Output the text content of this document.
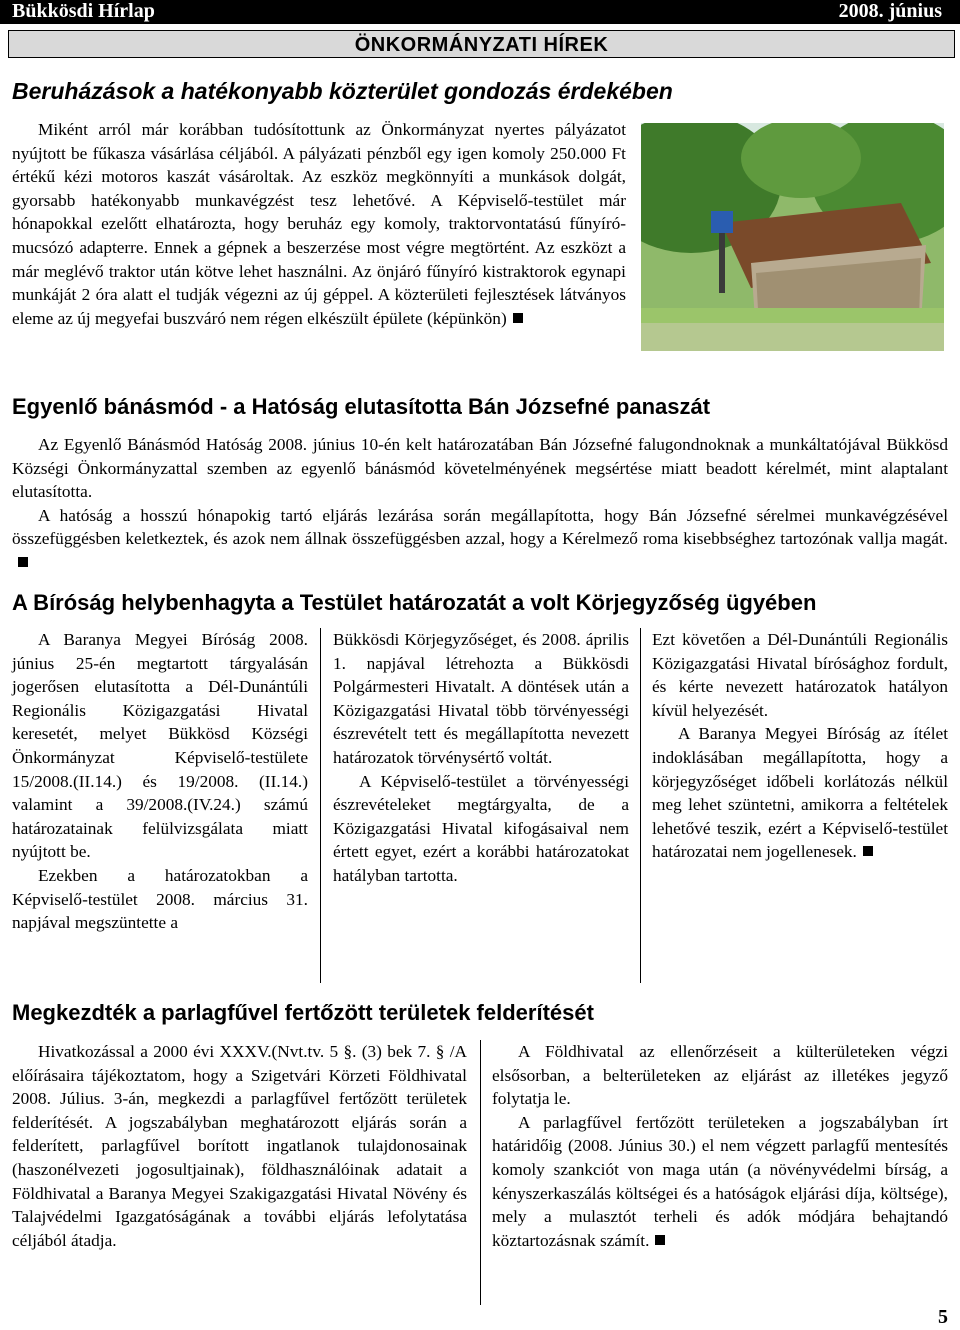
Bükkösdi Hírlap	2008. június
ÖNKORMÁNYZATI HÍREK
Beruházások a hatékonyabb közterület gondozás érdekében

Miként arról már korábban tudósítottunk az Önkormányzat nyertes pályázatot nyújtott be fűkasza vásárlása céljából. A pályázati pénzből egy igen komoly 250.000 Ft értékű kézi motoros kaszát vásároltak. Az eszköz megkönnyíti a munkások dolgát, gyorsabb hatékonyabb munkavégzést tesz lehetővé. A Képviselő-testület már hónapokkal ezelőtt elhatározta, hogy beruház egy komoly, traktorvontatású fűnyíró-mucsózó adapterre. Ennek a gépnek a beszerzése most végre megtörtént. Az eszközt a már meglévő traktor után kötve lehet használni. Az önjáró fűnyíró kistraktorok egynapi munkáját 2 óra alatt el tudják végezni az új géppel. A közterületi fejlesztések látványos eleme az új megyefai buszváró nem régen elkészült épülete (képünkön)

Egyenlő bánásmód - a Hatóság elutasította Bán Józsefné panaszát

Az Egyenlő Bánásmód Hatóság 2008. június 10-én kelt határozatában Bán Józsefné falugondnoknak a munkáltatójával Bükkösd Községi Önkormányzattal szemben az egyenlő bánásmód követelményének megsértése miatt beadott kérelmét, mint alaptalant elutasította.

A hatóság a hosszú hónapokig tartó eljárás lezárása során megállapította, hogy Bán Józsefné sérelmei munkavégzésével összefüggésben keletkeztek, és azok nem állnak összefüggésben azzal, hogy a Kérelmező roma kisebbséghez tartozónak vallja magát.

A Bíróság helybenhagyta a Testület határozatát a volt Körjegyzőség ügyében

A Baranya Megyei Bíróság 2008. június 25-én megtartott tárgyalásán jogerősen elutasította a Dél-Dunántúli Regionális Közigazgatási Hivatal keresetét, melyet Bükkösd Községi Önkormányzat Képviselő-testülete 15/2008.(II.14.) és 19/2008. (II.14.) valamint a 39/2008.(IV.24.) számú határozatainak felülvizsgálata miatt nyújtott be.

Ezekben a határozatokban a Képviselő-testület 2008. március 31. napjával megszüntette a

Bükkösdi Körjegyzőséget, és 2008. április 1. napjával létrehozta a Bükkösdi Polgármesteri Hivatalt. A döntések után a Közigazgatási Hivatal több törvényességi észrevételt tett és megállapította nevezett határozatok törvénysértő voltát.

A Képviselő-testület a törvényességi észrevételeket megtárgyalta, de a Közigazgatási Hivatal kifogásaival nem értett egyet, ezért a korábbi határozatokat hatályban tartotta.

Ezt követően a Dél-Dunántúli Regionális Közigazgatási Hivatal bírósághoz fordult, és kérte nevezett határozatok hatályon kívül helyezését.

A Baranya Megyei Bíróság az ítélet indoklásában megállapította, hogy a körjegyzőséget időbeli korlátozás nélkül meg lehet szüntetni, amikorra a feltételek lehetővé teszik, ezért a Képviselő-testület határozatai nem jogellenesek.

Megkezdték a parlagfűvel fertőzött területek felderítését

Hivatkozással a 2000 évi XXXV.(Nvt.tv. 5 §. (3) bek 7. § /A előírásaira tájékoztatom, hogy a Szigetvári Körzeti Földhivatal 2008. Július. 3-án, megkezdi a parlagfűvel fertőzött területek felderítését. A jogszabályban meghatározott eljárás során a felderített, parlagfűvel borított ingatlanok tulajdonosainak (haszonélvezeti jogosultjainak), földhasználóinak adatait a Földhivatal a Baranya Megyei Szakigazgatási Hivatal Növény és Talajvédelmi Igazgatóságának a további eljárás lefolytatása céljából átadja.

A Földhivatal az ellenőrzéseit a külterületeken végzi elsősorban, a belterületeken az eljárást az illetékes jegyző folytatja le.

A parlagfűvel fertőzött területeken a jogszabályban írt határidőig (2008. Június 30.) el nem végzett parlagfű mentesítés komoly szankciót von maga után (a növényvédelmi bírság, a kényszerkaszálás költségei és a hatóságok eljárási díja, költsége), mely a mulasztót terheli és adók módjára behajtandó köztartozásnak számít.

5
